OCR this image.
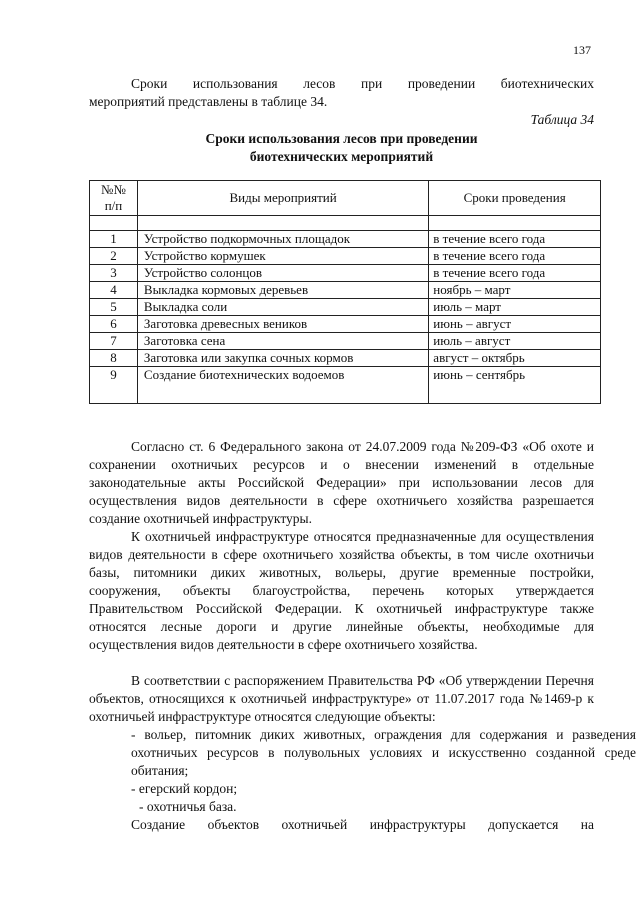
137

Сроки использования лесов при проведении биотехнических

мероприятий представлены в таблице 34.

Таблица 34
Сроки использования лесов при проведении
биотехнических мероприятий
№№
п/п	Виды мероприятий	Сроки проведения

1	Устройство подкормочных площадок	в течение всего года
2	Устройство кормушек	в течение всего года
3	Устройство солонцов	в течение всего года
4	Выкладка кормовых деревьев	ноябрь – март
5	Выкладка соли	июль – март
6	Заготовка древесных веников	июнь – август
7	Заготовка сена	июль – август
8	Заготовка или закупка сочных кормов	август – октябрь
9	Создание биотехнических водоемов	июнь – сентябрь

Согласно ст. 6 Федерального закона от 24.07.2009 года №209-ФЗ «Об охоте и сохранении охотничьих ресурсов и о внесении изменений в отдельные законодательные акты Российской Федерации» при использовании лесов для осуществления видов деятельности в сфере охотничьего хозяйства разрешается создание охотничьей инфраструктуры.

К охотничьей инфраструктуре относятся предназначенные для осуществления видов деятельности в сфере охотничьего хозяйства объекты, в том числе охотничьи базы, питомники диких животных, вольеры, другие временные постройки, сооружения, объекты благоустройства, перечень которых утверждается Правительством Российской Федерации. К охотничьей инфраструктуре также относятся лесные дороги и другие линейные объекты, необходимые для осуществления видов деятельности в сфере охотничьего хозяйства.

В соответствии с распоряжением Правительства РФ «Об утверждении Перечня объектов, относящихся к охотничьей инфраструктуре» от 11.07.2017 года №1469-р к охотничьей инфраструктуре относятся следующие объекты:

- вольер, питомник диких животных, ограждения для содержания и разведения охотничьих ресурсов в полувольных условиях и искусственно созданной среде обитания;

- егерский кордон;

- охотничья база.

Создание объектов охотничьей инфраструктуры допускается на
